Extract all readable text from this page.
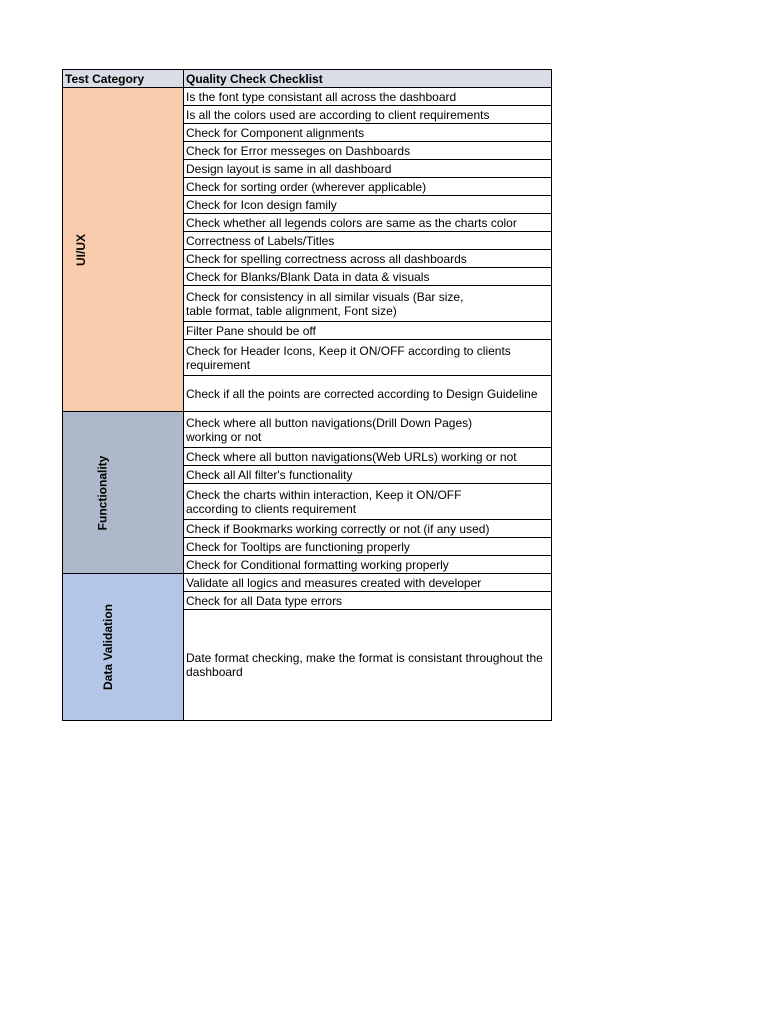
Test Category	Quality Check Checklist
UI/UX	Is the font type consistant all across the dashboard
	Is all the colors used are according to client requirements
	Check for Component alignments
	Check for Error messeges on Dashboards
	Design layout is same in all dashboard
	Check for sorting order (wherever applicable)
	Check for Icon design family
	Check whether all legends colors are same as the charts color
	Correctness of Labels/Titles
	Check for spelling correctness across all dashboards
	Check for Blanks/Blank Data in data & visuals
	Check for consistency in all similar visuals (Bar size,
table format, table alignment, Font size)
	Filter Pane should be off
	Check for Header Icons, Keep it ON/OFF according to clients requirement
	Check if all the points are corrected according to Design Guideline
Functionality	Check where all button navigations(Drill Down Pages)
working or not
	Check where all button navigations(Web URLs) working or not
	Check all All filter's functionality
	Check the charts within interaction, Keep it ON/OFF
according to clients requirement
	Check if Bookmarks working correctly or not (if any used)
	Check for Tooltips are functioning properly
	Check for Conditional formatting working properly
Data Validation	Validate all logics and measures created with developer
	Check for all Data type errors
	Date format checking, make the format is consistant throughout the dashboard
